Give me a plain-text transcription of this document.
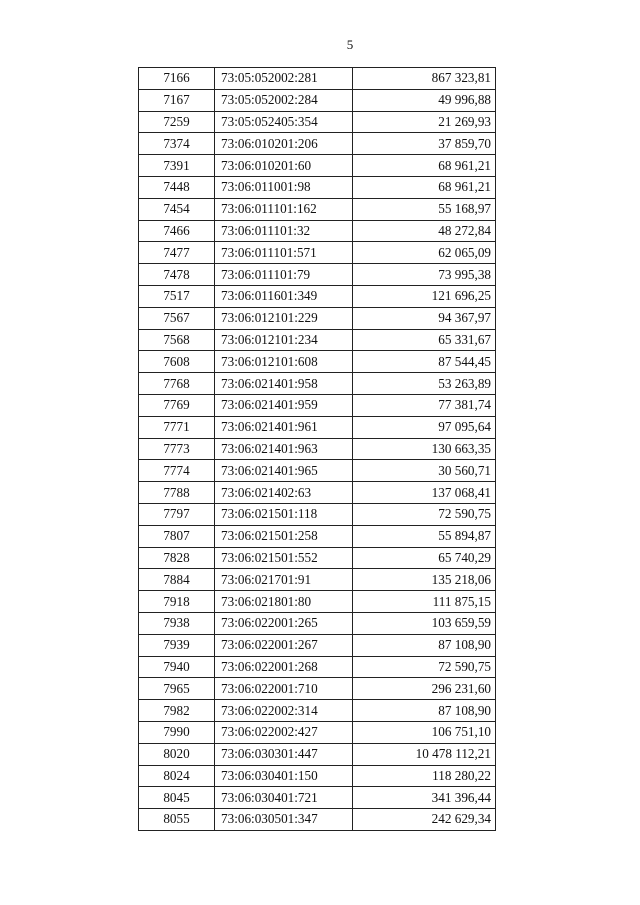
5
7166	73:05:052002:281	867 323,81
7167	73:05:052002:284	49 996,88
7259	73:05:052405:354	21 269,93
7374	73:06:010201:206	37 859,70
7391	73:06:010201:60	68 961,21
7448	73:06:011001:98	68 961,21
7454	73:06:011101:162	55 168,97
7466	73:06:011101:32	48 272,84
7477	73:06:011101:571	62 065,09
7478	73:06:011101:79	73 995,38
7517	73:06:011601:349	121 696,25
7567	73:06:012101:229	94 367,97
7568	73:06:012101:234	65 331,67
7608	73:06:012101:608	87 544,45
7768	73:06:021401:958	53 263,89
7769	73:06:021401:959	77 381,74
7771	73:06:021401:961	97 095,64
7773	73:06:021401:963	130 663,35
7774	73:06:021401:965	30 560,71
7788	73:06:021402:63	137 068,41
7797	73:06:021501:118	72 590,75
7807	73:06:021501:258	55 894,87
7828	73:06:021501:552	65 740,29
7884	73:06:021701:91	135 218,06
7918	73:06:021801:80	111 875,15
7938	73:06:022001:265	103 659,59
7939	73:06:022001:267	87 108,90
7940	73:06:022001:268	72 590,75
7965	73:06:022001:710	296 231,60
7982	73:06:022002:314	87 108,90
7990	73:06:022002:427	106 751,10
8020	73:06:030301:447	10 478 112,21
8024	73:06:030401:150	118 280,22
8045	73:06:030401:721	341 396,44
8055	73:06:030501:347	242 629,34
